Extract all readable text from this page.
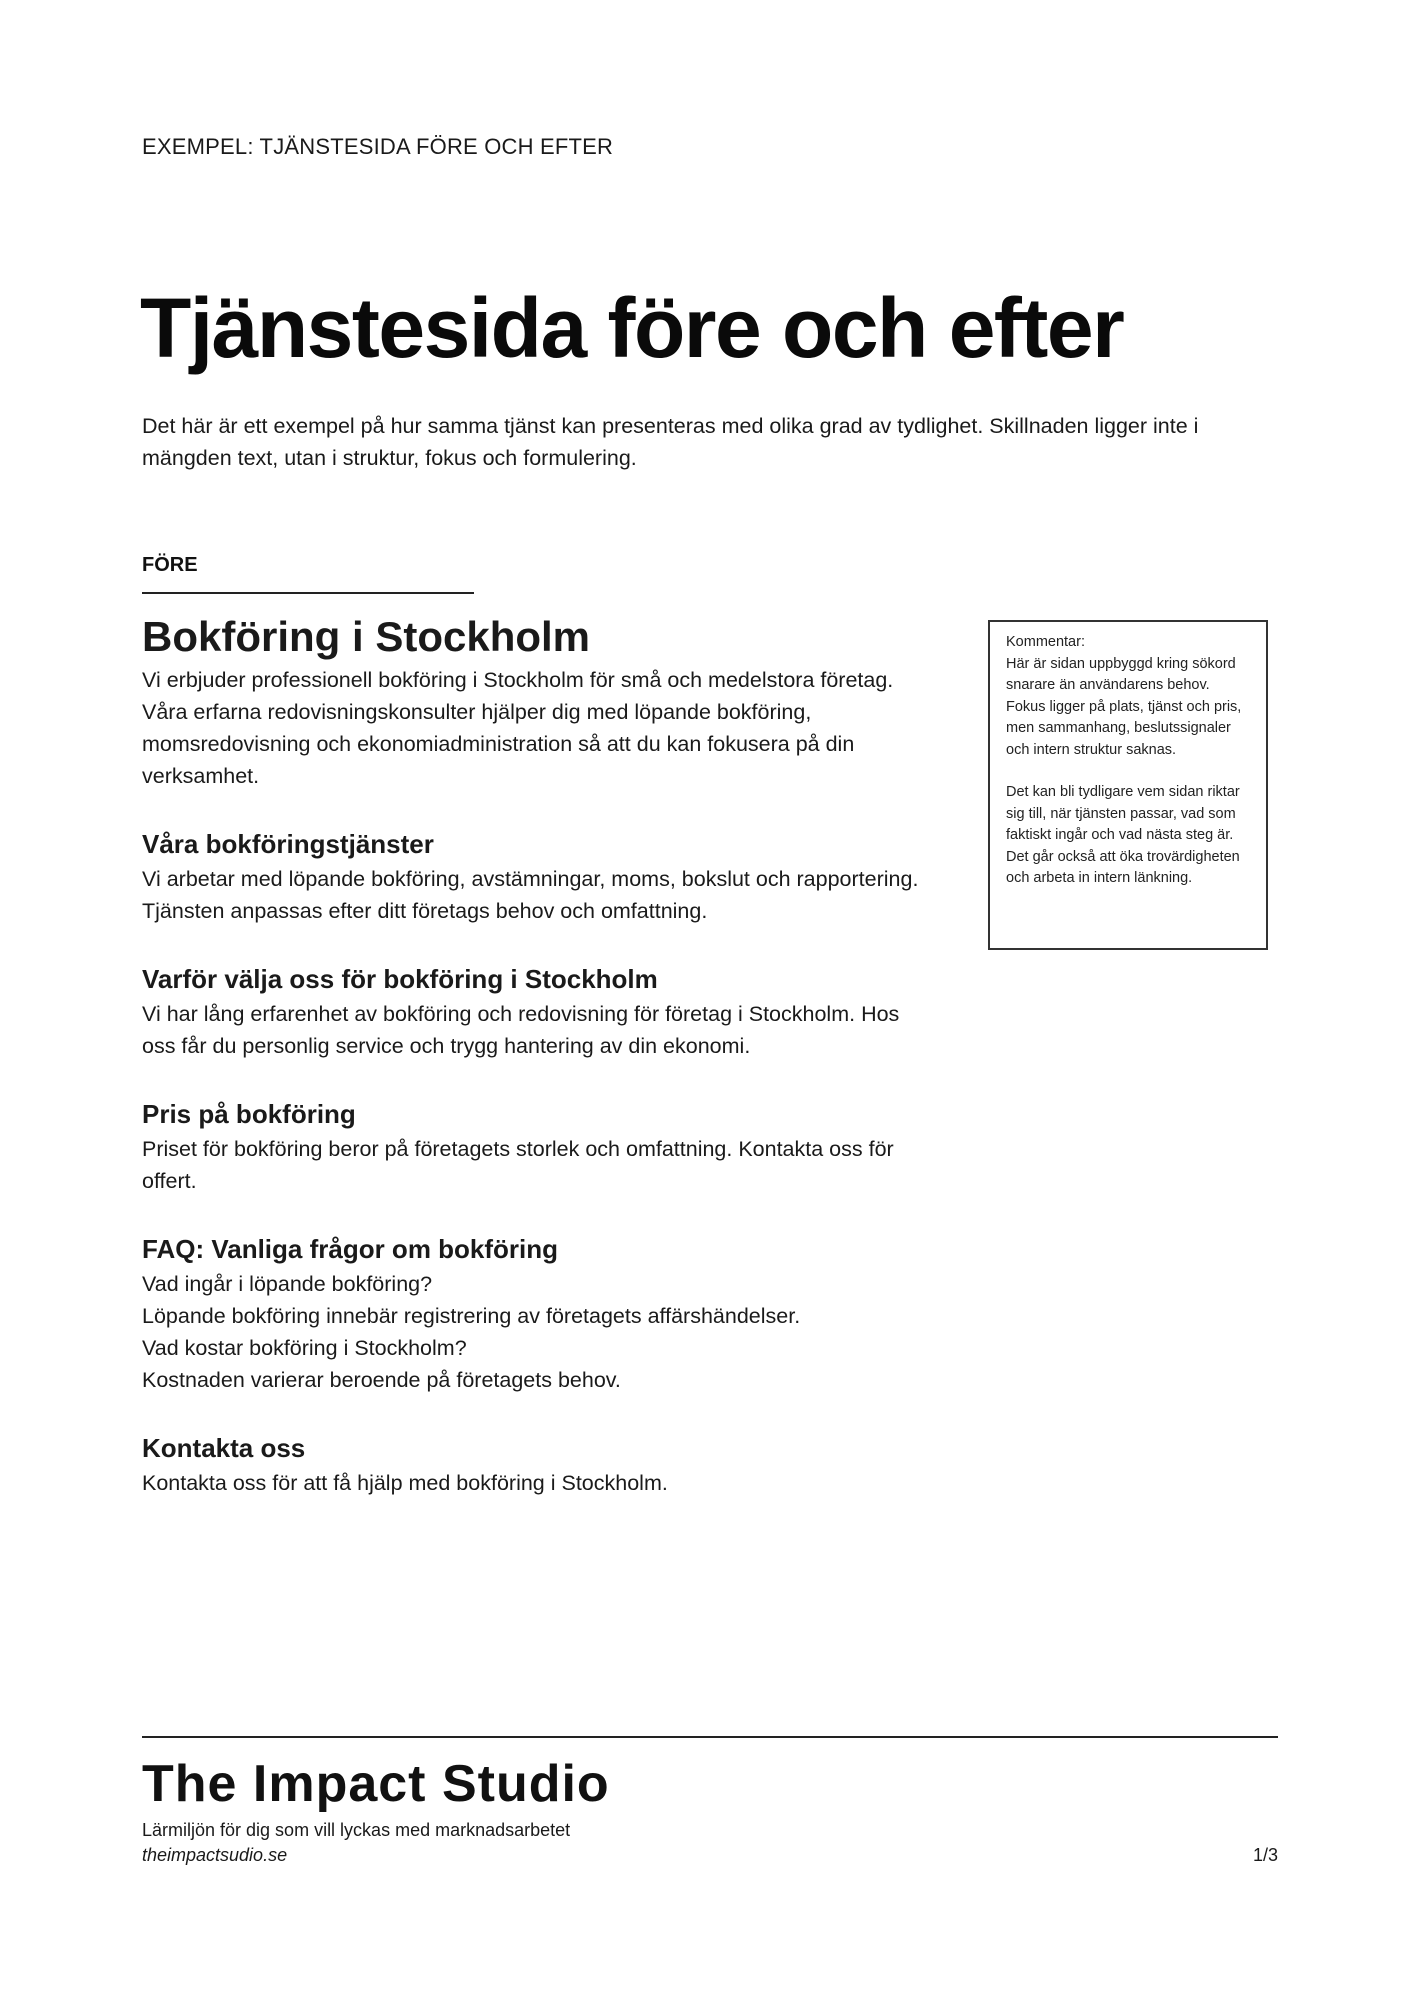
EXEMPEL: TJÄNSTESIDA FÖRE OCH EFTER
Tjänstesida före och efter

Det här är ett exempel på hur samma tjänst kan presenteras med olika grad av tydlighet. Skillnaden ligger inte i mängden text, utan i struktur, fokus och formulering.

FÖRE
Bokföring i Stockholm

Vi erbjuder professionell bokföring i Stockholm för små och medelstora företag. Våra erfarna redovisningskonsulter hjälper dig med löpande bokföring, momsredovisning och ekonomiadministration så att du kan fokusera på din verksamhet.

Våra bokföringstjänster

Vi arbetar med löpande bokföring, avstämningar, moms, bokslut och rapportering. Tjänsten anpassas efter ditt företags behov och omfattning.

Varför välja oss för bokföring i Stockholm

Vi har lång erfarenhet av bokföring och redovisning för företag i Stockholm. Hos oss får du personlig service och trygg hantering av din ekonomi.

Pris på bokföring

Priset för bokföring beror på företagets storlek och omfattning. Kontakta oss för offert.

FAQ: Vanliga frågor om bokföring
Vad ingår i löpande bokföring?
Löpande bokföring innebär registrering av företagets affärshändelser.
Vad kostar bokföring i Stockholm?
Kostnaden varierar beroende på företagets behov.
Kontakta oss

Kontakta oss för att få hjälp med bokföring i Stockholm.

Kommentar:

Här är sidan uppbyggd kring sökord snarare än användarens behov. Fokus ligger på plats, tjänst och pris, men sammanhang, beslutssignaler och intern struktur saknas.

Det kan bli tydligare vem sidan riktar sig till, när tjänsten passar, vad som faktiskt ingår och vad nästa steg är. Det går också att öka trovärdigheten och arbeta in intern länkning.

The Impact Studio
Lärmiljön för dig som vill lyckas med marknadsarbetet
theimpactsudio.se	1/3
